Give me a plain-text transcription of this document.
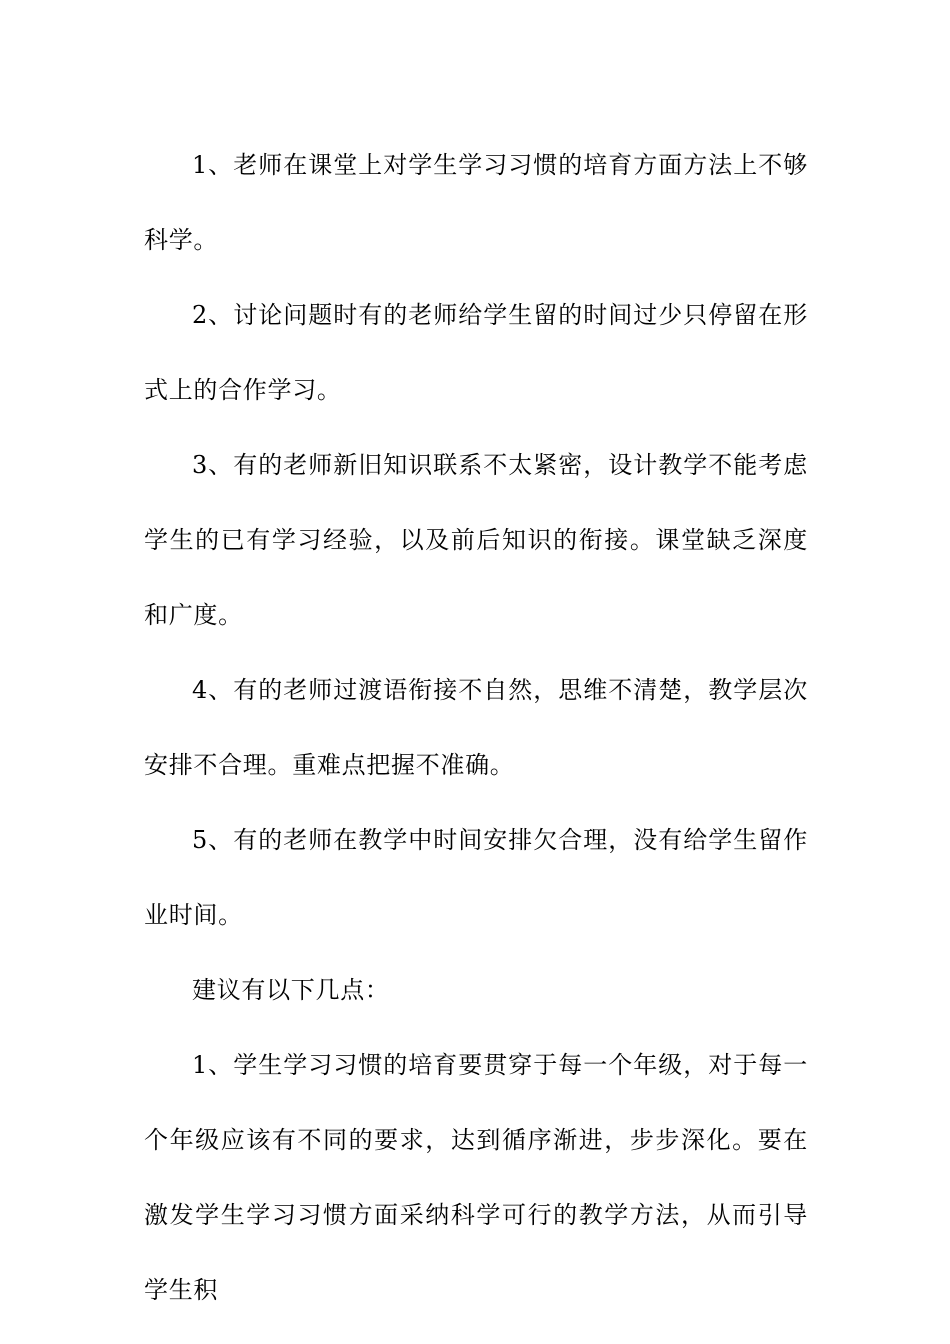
1、老师在课堂上对学生学习习惯的培育方面方法上不够科学。

2、讨论问题时有的老师给学生留的时间过少只停留在形式上的合作学习。

3、有的老师新旧知识联系不太紧密，设计教学不能考虑学生的已有学习经验，以及前后知识的衔接。课堂缺乏深度和广度。

4、有的老师过渡语衔接不自然，思维不清楚，教学层次安排不合理。重难点把握不准确。

5、有的老师在教学中时间安排欠合理，没有给学生留作业时间。

建议有以下几点：

1、学生学习习惯的培育要贯穿于每一个年级，对于每一个年级应该有不同的要求，达到循序渐进，步步深化。要在激发学生学习习惯方面采纳科学可行的教学方法，从而引导学生积
